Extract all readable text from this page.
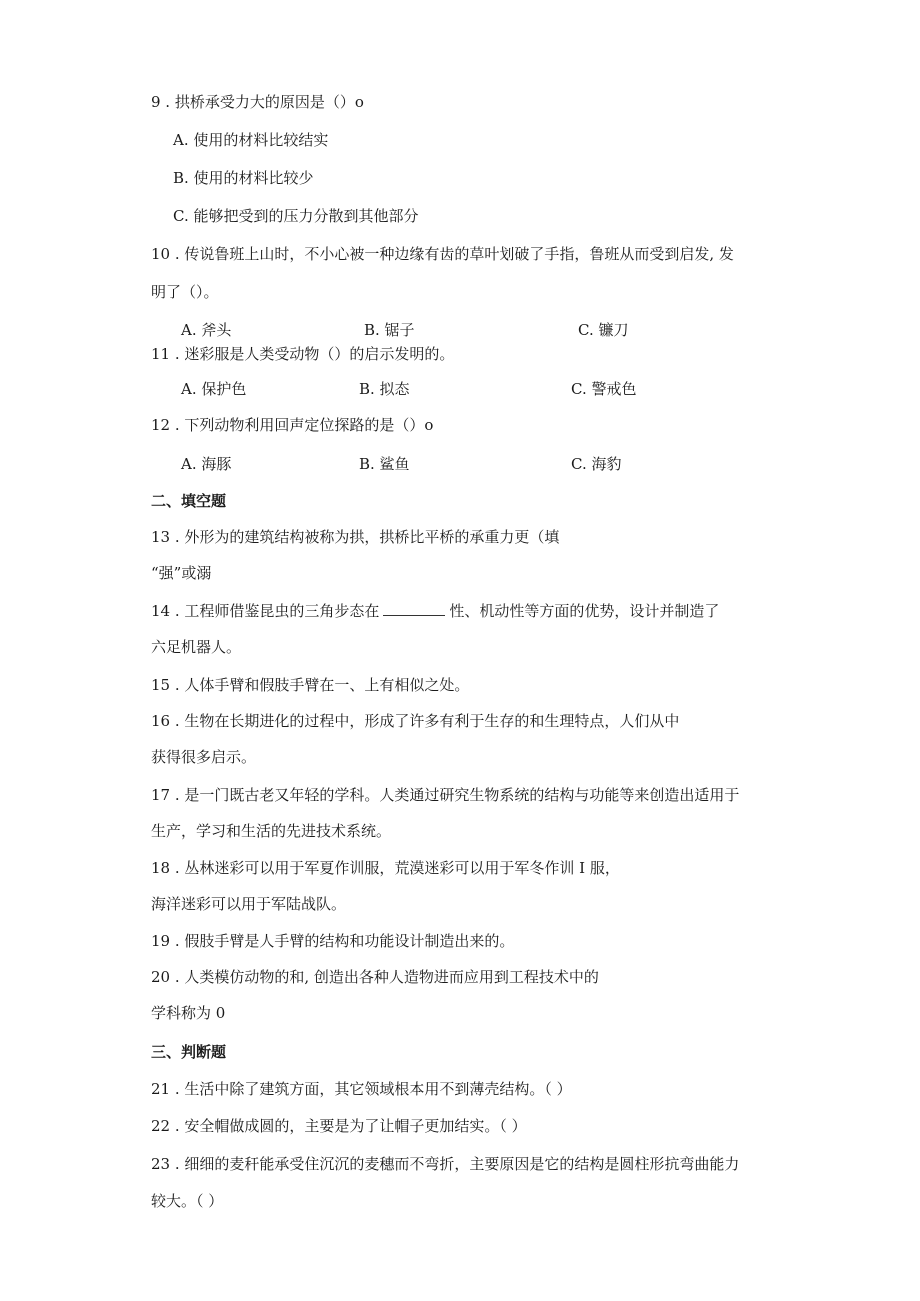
9 . 拱桥承受力大的原因是（）o
A. 使用的材料比较结实
B. 使用的材料比较少
C. 能够把受到的压力分散到其他部分
10 . 传说鲁班上山时，不小心被一种边缘有齿的草叶划破了手指，鲁班从而受到启发, 发
明了（）。
A. 斧头	B. 锯子	C. 镰刀
11 . 迷彩服是人类受动物（）的启示发明的。
A. 保护色	B. 拟态	C. 警戒色
12 . 下列动物利用回声定位探路的是（）o
A. 海豚	B. 鲨鱼	C. 海豹
二、填空题
13 . 外形为的建筑结构被称为拱，拱桥比平桥的承重力更（填
“强”或溺
14 . 工程师借鉴昆虫的三角步态在	性、机动性等方面的优势，设计并制造了
六足机器人。
15 . 人体手臂和假肢手臂在一、上有相似之处。
16 . 生物在长期进化的过程中，形成了许多有利于生存的和生理特点，人们从中
获得很多启示。
17 . 是一门既古老又年轻的学科。人类通过研究生物系统的结构与功能等来创造出适用于
生产，学习和生活的先进技术系统。
18 . 丛林迷彩可以用于军夏作训服，荒漠迷彩可以用于军冬作训 I 服，
海洋迷彩可以用于军陆战队。
19 . 假肢手臂是人手臂的结构和功能设计制造出来的。
20 . 人类模仿动物的和, 创造出各种人造物进而应用到工程技术中的
学科称为 0
三、判断题
21 . 生活中除了建筑方面，其它领域根本用不到薄壳结构。（ ）
22 . 安全帽做成圆的，主要是为了让帽子更加结实。（ ）
23 . 细细的麦秆能承受住沉沉的麦穗而不弯折，主要原因是它的结构是圆柱形抗弯曲能力
较大。（ ）
